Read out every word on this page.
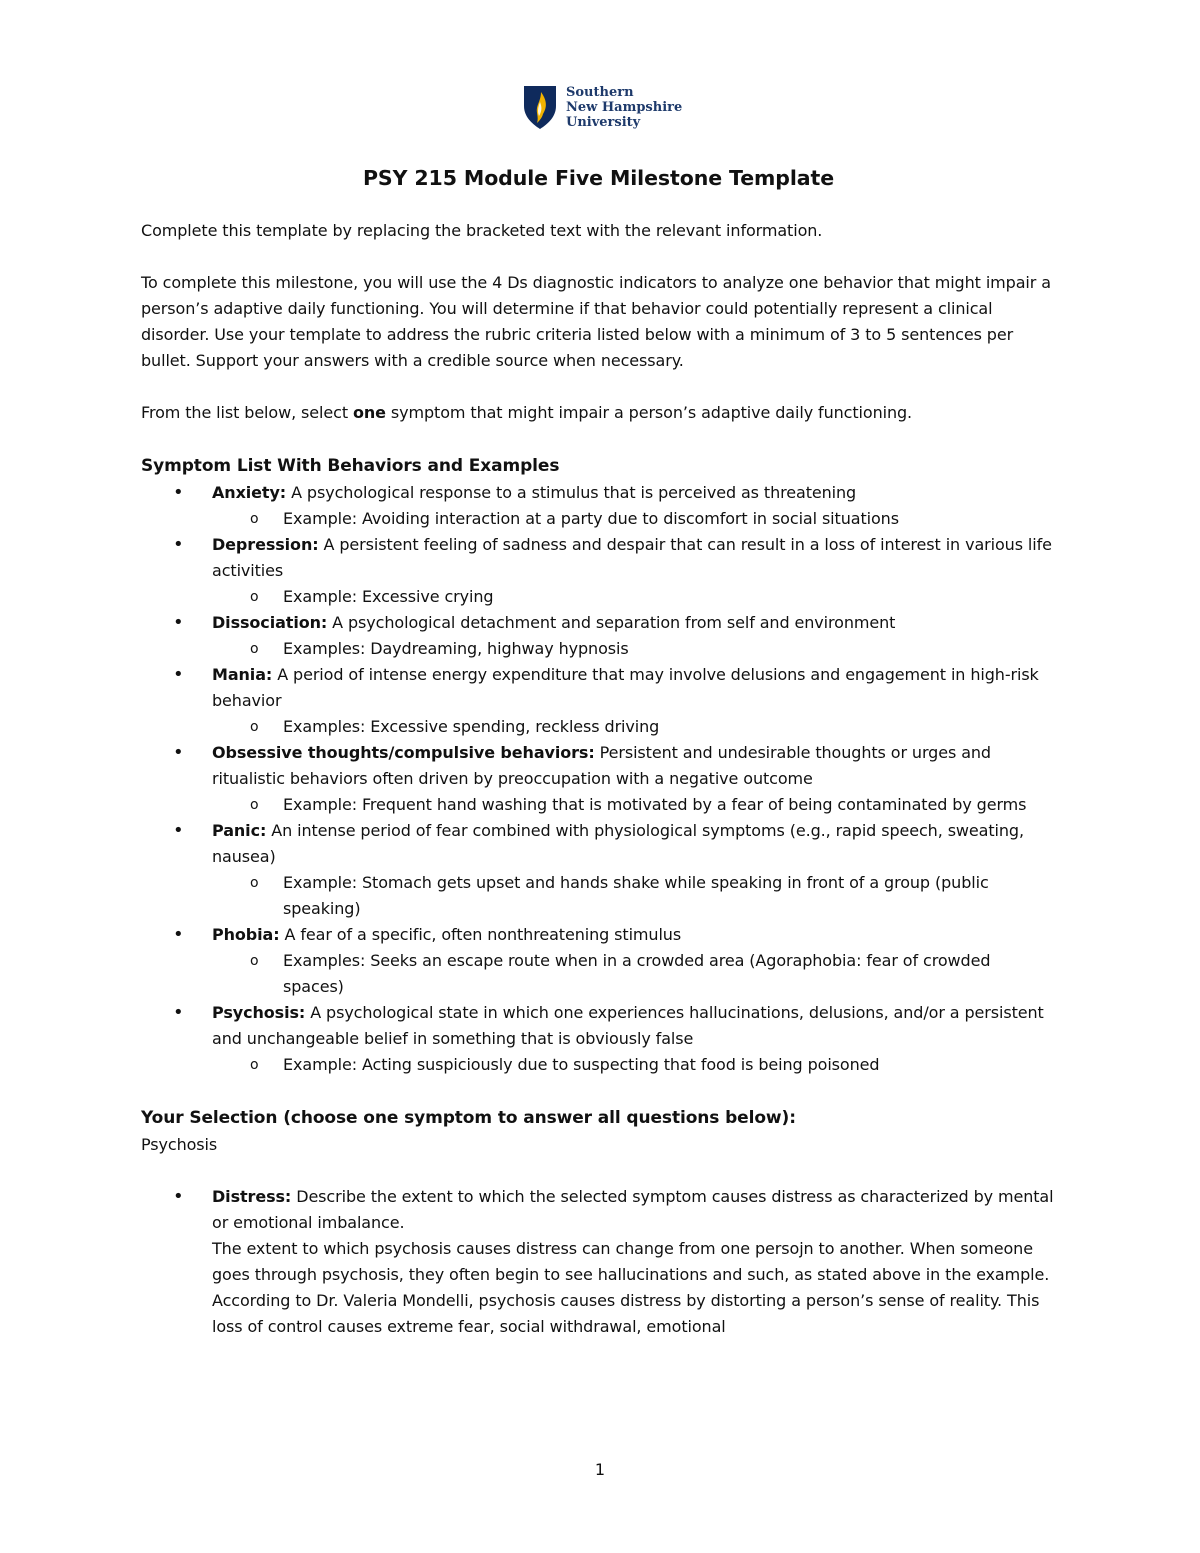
Southern
New Hampshire
University
PSY 215 Module Five Milestone Template

Complete this template by replacing the bracketed text with the relevant information.

To complete this milestone, you will use the 4 Ds diagnostic indicators to analyze one behavior that might impair a person’s adaptive daily functioning. You will determine if that behavior could potentially represent a clinical disorder. Use your template to address the rubric criteria listed below with a minimum of 3 to 5 sentences per bullet. Support your answers with a credible source when necessary.

From the list below, select one symptom that might impair a person’s adaptive daily functioning.

Symptom List With Behaviors and Examples
• Anxiety: A psychological response to a stimulus that is perceived as threatening
o Example: Avoiding interaction at a party due to discomfort in social situations
• Depression: A persistent feeling of sadness and despair that can result in a loss of interest in various life activities
o Example: Excessive crying
• Dissociation: A psychological detachment and separation from self and environment
o Examples: Daydreaming, highway hypnosis
• Mania: A period of intense energy expenditure that may involve delusions and engagement in high-risk behavior
o Examples: Excessive spending, reckless driving
• Obsessive thoughts/compulsive behaviors: Persistent and undesirable thoughts or urges and ritualistic behaviors often driven by preoccupation with a negative outcome
o Example: Frequent hand washing that is motivated by a fear of being contaminated by germs
• Panic: An intense period of fear combined with physiological symptoms (e.g., rapid speech, sweating, nausea)
o Example: Stomach gets upset and hands shake while speaking in front of a group (public speaking)
• Phobia: A fear of a specific, often nonthreatening stimulus
o Examples: Seeks an escape route when in a crowded area (Agoraphobia: fear of crowded spaces)
• Psychosis: A psychological state in which one experiences hallucinations, delusions, and/or a persistent and unchangeable belief in something that is obviously false
o Example: Acting suspiciously due to suspecting that food is being poisoned
Your Selection (choose one symptom to answer all questions below):
Psychosis
• Distress: Describe the extent to which the selected symptom causes distress as characterized by mental or emotional imbalance.
The extent to which psychosis causes distress can change from one persojn to another. When someone goes through psychosis, they often begin to see hallucinations and such, as stated above in the example. According to Dr. Valeria Mondelli, psychosis causes distress by distorting a person’s sense of reality. This loss of control causes extreme fear, social withdrawal, emotional
1
